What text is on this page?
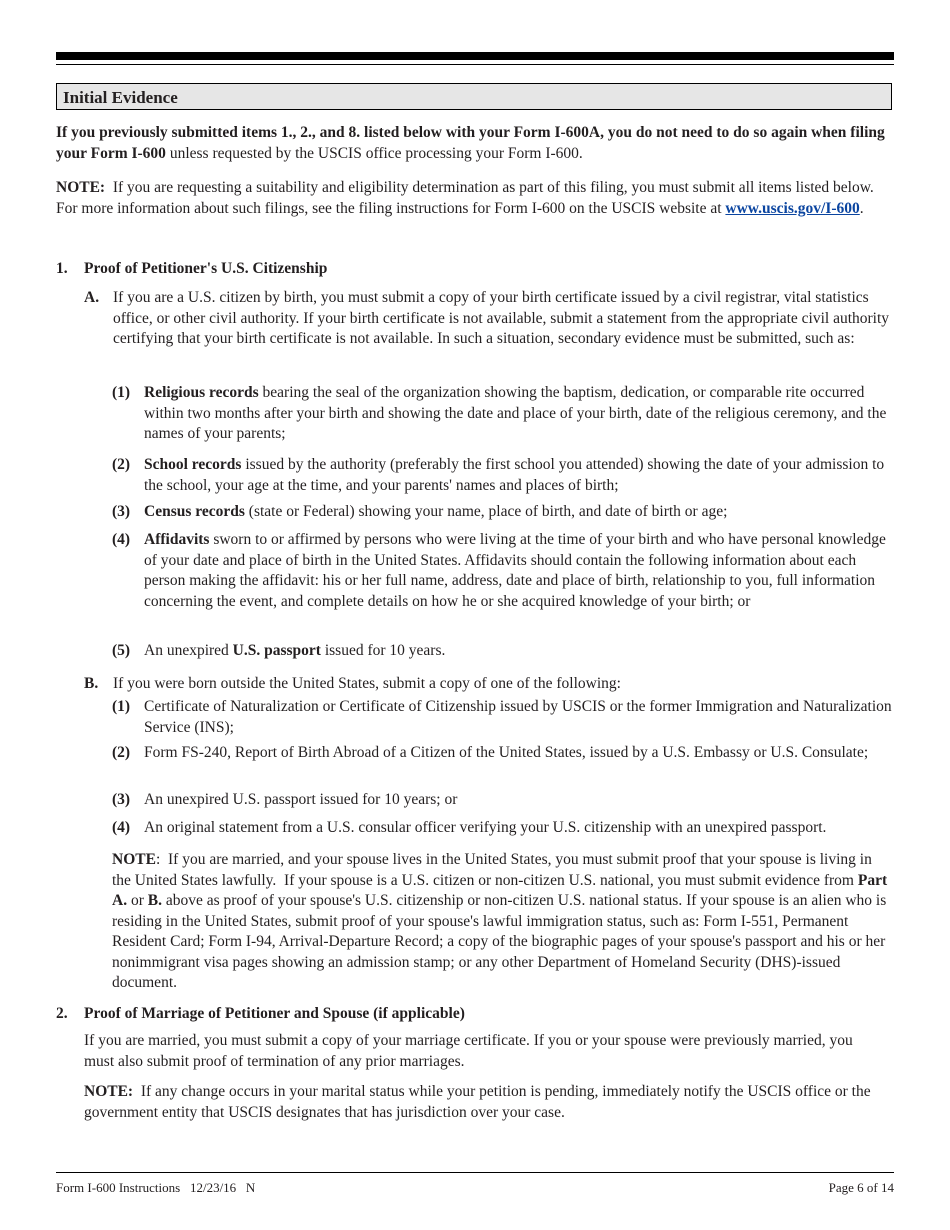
Initial Evidence
If you previously submitted items 1., 2., and 8. listed below with your Form I-600A, you do not need to do so again when filing your Form I-600 unless requested by the USCIS office processing your Form I-600.
NOTE:  If you are requesting a suitability and eligibility determination as part of this filing, you must submit all items listed below.  For more information about such filings, see the filing instructions for Form I-600 on the USCIS website at www.uscis.gov/I-600.
1. Proof of Petitioner's U.S. Citizenship
A. If you are a U.S. citizen by birth, you must submit a copy of your birth certificate issued by a civil registrar, vital statistics office, or other civil authority. If your birth certificate is not available, submit a statement from the appropriate civil authority certifying that your birth certificate is not available. In such a situation, secondary evidence must be submitted, such as:
(1) Religious records bearing the seal of the organization showing the baptism, dedication, or comparable rite occurred within two months after your birth and showing the date and place of your birth, date of the religious ceremony, and the names of your parents;
(2) School records issued by the authority (preferably the first school you attended) showing the date of your admission to the school, your age at the time, and your parents' names and places of birth;
(3) Census records (state or Federal) showing your name, place of birth, and date of birth or age;
(4) Affidavits sworn to or affirmed by persons who were living at the time of your birth and who have personal knowledge of your date and place of birth in the United States. Affidavits should contain the following information about each person making the affidavit: his or her full name, address, date and place of birth, relationship to you, full information concerning the event, and complete details on how he or she acquired knowledge of your birth; or
(5) An unexpired U.S. passport issued for 10 years.
B. If you were born outside the United States, submit a copy of one of the following:
(1) Certificate of Naturalization or Certificate of Citizenship issued by USCIS or the former Immigration and Naturalization Service (INS);
(2) Form FS-240, Report of Birth Abroad of a Citizen of the United States, issued by a U.S. Embassy or U.S. Consulate;
(3) An unexpired U.S. passport issued for 10 years; or
(4) An original statement from a U.S. consular officer verifying your U.S. citizenship with an unexpired passport.
NOTE:  If you are married, and your spouse lives in the United States, you must submit proof that your spouse is living in the United States lawfully.  If your spouse is a U.S. citizen or non-citizen U.S. national, you must submit evidence from Part A. or B. above as proof of your spouse's U.S. citizenship or non-citizen U.S. national status. If your spouse is an alien who is residing in the United States, submit proof of your spouse's lawful immigration status, such as: Form I-551, Permanent Resident Card; Form I-94, Arrival-Departure Record; a copy of the biographic pages of your spouse's passport and his or her nonimmigrant visa pages showing an admission stamp; or any other Department of Homeland Security (DHS)-issued document.
2. Proof of Marriage of Petitioner and Spouse (if applicable)
If you are married, you must submit a copy of your marriage certificate. If you or your spouse were previously married, you must also submit proof of termination of any prior marriages.
NOTE:  If any change occurs in your marital status while your petition is pending, immediately notify the USCIS office or the government entity that USCIS designates that has jurisdiction over your case.
Form I-600 Instructions   12/23/16   N	Page 6 of 14
